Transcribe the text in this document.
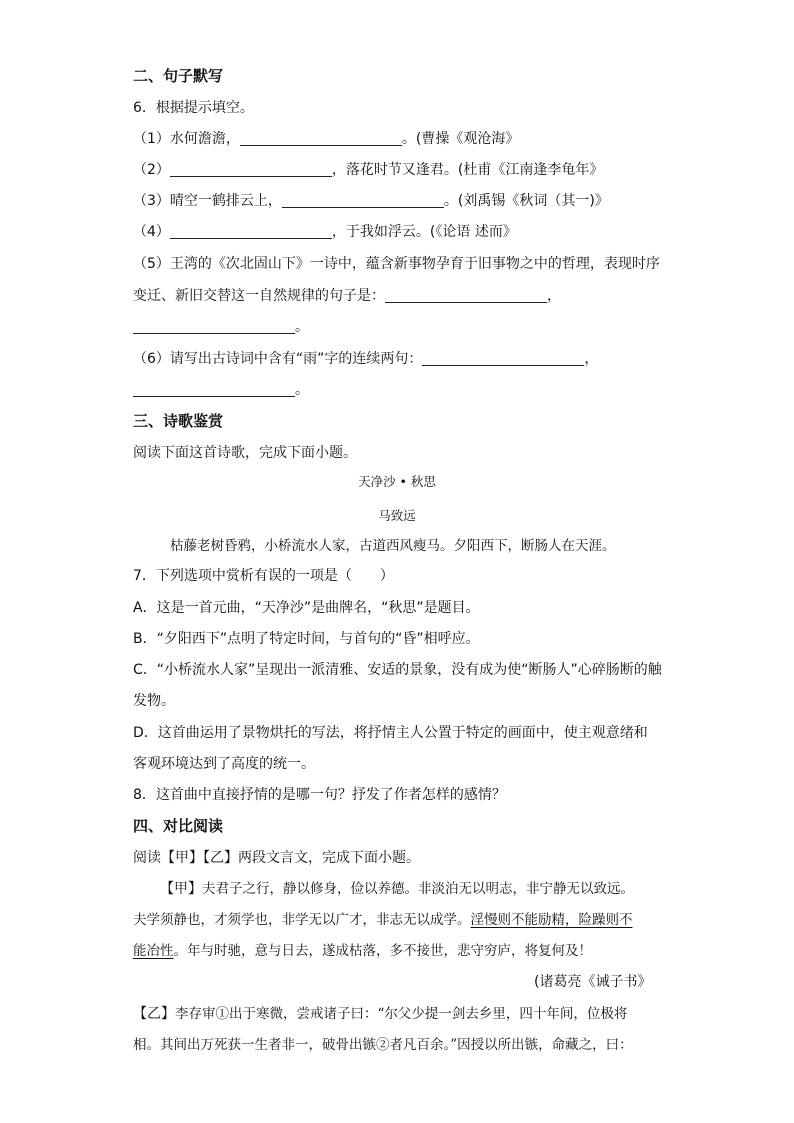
二、句子默写
6．根据提示填空。
（1）水何澹澹，	。(曹操《观沧海》
（2）	，落花时节又逢君。(杜甫《江南逢李龟年》
（3）晴空一鹤排云上，	。(刘禹锡《秋词（其一)》
（4）	，于我如浮云。(《论语 述而》
（5）王湾的《次北固山下》一诗中，蕴含新事物孕育于旧事物之中的哲理，表现时序
变迁、新旧交替这一自然规律的句子是：	，
。
（6）请写出古诗词中含有“雨”字的连续两句：	，
。
三、诗歌鉴赏
阅读下面这首诗歌，完成下面小题。
天净沙 • 秋思
马致远
枯藤老树昏鸦，小桥流水人家，古道西风瘦马。夕阳西下，断肠人在天涯。
7．下列选项中赏析有误的一项是（　　）
A．这是一首元曲，“天净沙”是曲牌名，“秋思”是题目。
B．“夕阳西下”点明了特定时间，与首句的“昏”相呼应。
C．“小桥流水人家”呈现出一派清雅、安适的景象，没有成为使“断肠人”心碎肠断的触
发物。
D．这首曲运用了景物烘托的写法，将抒情主人公置于特定的画面中，使主观意绪和
客观环境达到了高度的统一。
8．这首曲中直接抒情的是哪一句？抒发了作者怎样的感情？
四、对比阅读
阅读【甲】【乙】两段文言文，完成下面小题。
【甲】夫君子之行，静以修身，俭以养德。非淡泊无以明志，非宁静无以致远。
夫学须静也，才须学也，非学无以广才，非志无以成学。淫慢则不能励精，险躁则不
能冶性。年与时驰，意与日去，遂成枯落，多不接世，悲守穷庐，将复何及！
(诸葛亮《诫子书》
【乙】李存审①出于寒微，尝戒诸子曰：“尔父少提一剑去乡里，四十年间，位极将
相。其间出万死获一生者非一，破骨出镞②者凡百余。”因授以所出镞，命藏之，曰：
